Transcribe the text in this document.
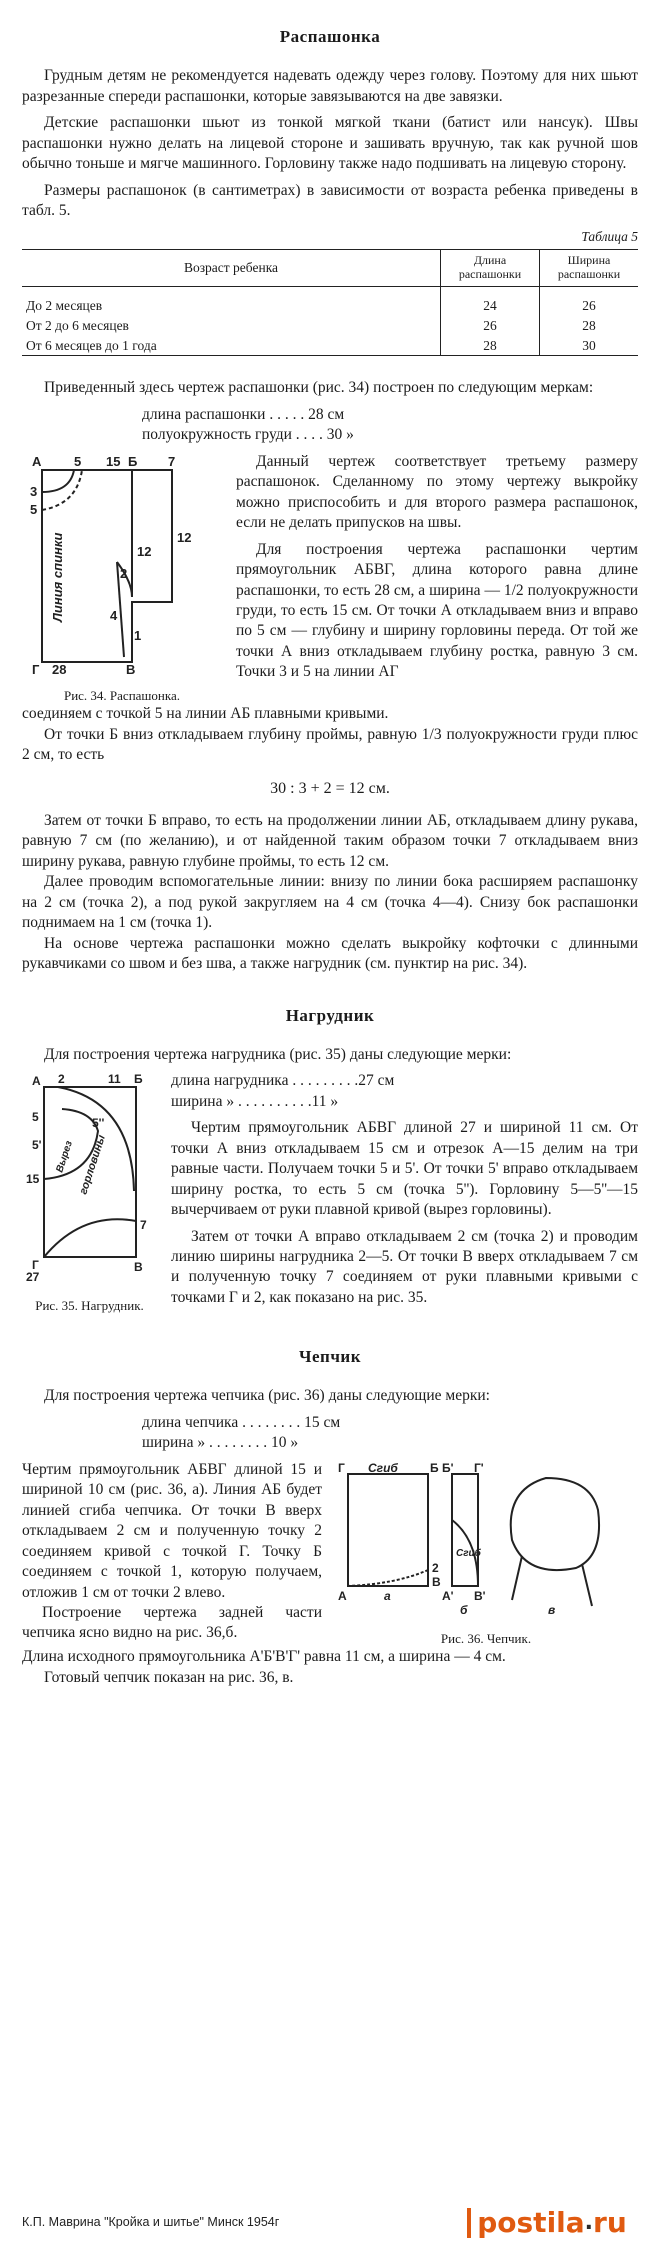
Распашонка

Грудным детям не рекомендуется надевать одежду через голову. Поэтому для них шьют разрезанные спереди распашонки, которые завязываются на две завязки.

Детские распашонки шьют из тонкой мягкой ткани (батист или нансук). Швы распашонки нужно делать на лицевой стороне и зашивать вручную, так как ручной шов обычно тоньше и мягче машинного. Горловину также надо подшивать на лицевую сторону.

Размеры распашонок (в сантиметрах) в зависимости от возраста ребенка приведены в табл. 5.

Таблица 5
Возраст ребенка	Длина распашонки	Ширина распашонки
До 2 месяцев	24	26
От 2 до 6 месяцев	26	28
От 6 месяцев до 1 года	28	30

Приведенный здесь чертеж распашонки (рис. 34) построен по следующим меркам:

длина распашонки . . . . . 28 см
полуокружность груди . . . . 30 »
А	5 15 Б 7
3
5
12
2
12
1
4
Линия спинки
Г 28	В
Рис. 34. Распашонка.

Данный чертеж соответствует третьему размеру распашонок. Сделанному по этому чертежу выкройку можно приспособить и для второго размера распашонок, если не делать припусков на швы.

Для построения чертежа распашонки чертим прямоугольник АБВГ, длина которого равна длине распашонки, то есть 28 см, а ширина — 1/2 полуокружности груди, то есть 15 см. От точки А откладываем вниз и вправо по 5 см — глубину и ширину горловины переда. От той же точки А вниз откладываем глубину ростка, равную 3 см. Точки 3 и 5 на линии АГ

соединяем с точкой 5 на линии АБ плавными кривыми.

От точки Б вниз откладываем глубину проймы, равную 1/3 полуокружности груди плюс 2 см, то есть

30 : 3 + 2 = 12 см.

Затем от точки Б вправо, то есть на продолжении линии АБ, откладываем длину рукава, равную 7 см (по желанию), и от найденной таким образом точки 7 откладываем вниз ширину рукава, равную глубине проймы, то есть 12 см.

Далее проводим вспомогательные линии: внизу по линии бока расширяем распашонку на 2 см (точка 2), а под рукой закругляем на 4 см (точка 4—4). Снизу бок распашонки поднимаем на 1 см (точка 1).

На основе чертежа распашонки можно сделать выкройку кофточки с длинными рукавчиками со швом и без шва, а также нагрудник (см. пунктир на рис. 34).

Нагрудник

Для построения чертежа нагрудника (рис. 35) даны следующие мерки:

А 2	11 Б
5
5'
5''
15
Вырез горловины
7
Г
27
В
Рис. 35. Нагрудник.
длина нагрудника . . . . . . . . .27 см
ширина » . . . . . . . . . .11 »

Чертим прямоугольник АБВГ длиной 27 и шириной 11 см. От точки А вниз откладываем 15 см и отрезок А—15 делим на три равные части. Получаем точки 5 и 5'. От точки 5' вправо откладываем ширину ростка, то есть 5 см (точка 5''). Горловину 5—5''—15 вычерчиваем от руки плавной кривой (вырез горловины).

Затем от точки А вправо откладываем 2 см (точка 2) и проводим линию ширины нагрудника 2—5. От точки В вверх откладываем 7 см и полученную точку 7 соединяем от руки плавными кривыми с точками Г и 2, как показано на рис. 35.

Чепчик

Для построения чертежа чепчика (рис. 36) даны следующие мерки:

длина чепчика . . . . . . . . 15 см
ширина » . . . . . . . . 10 »

Чертим прямоугольник АБВГ длиной 15 и шириной 10 см (рис. 36, а). Линия АБ будет линией сгиба чепчика. От точки В вверх откладываем 2 см и полученную точку 2 соединяем кривой с точкой Г. Точку Б соединяем с точкой 1, которую получаем, отложив 1 см от точки 2 влево.

Построение чертежа задней части чепчика ясно видно на рис. 36,б.

Г Сгиб	Б Б' Г'
Сгиб
2
В
а
А	А' В'
б	в
Рис. 36. Чепчик.

Длина исходного прямоугольника А'Б'В'Г' равна 11 см, а ширина — 4 см.

Готовый чепчик показан на рис. 36, в.

К.П. Маврина "Кройка и шитье" Минск 1954г	postila . ru
